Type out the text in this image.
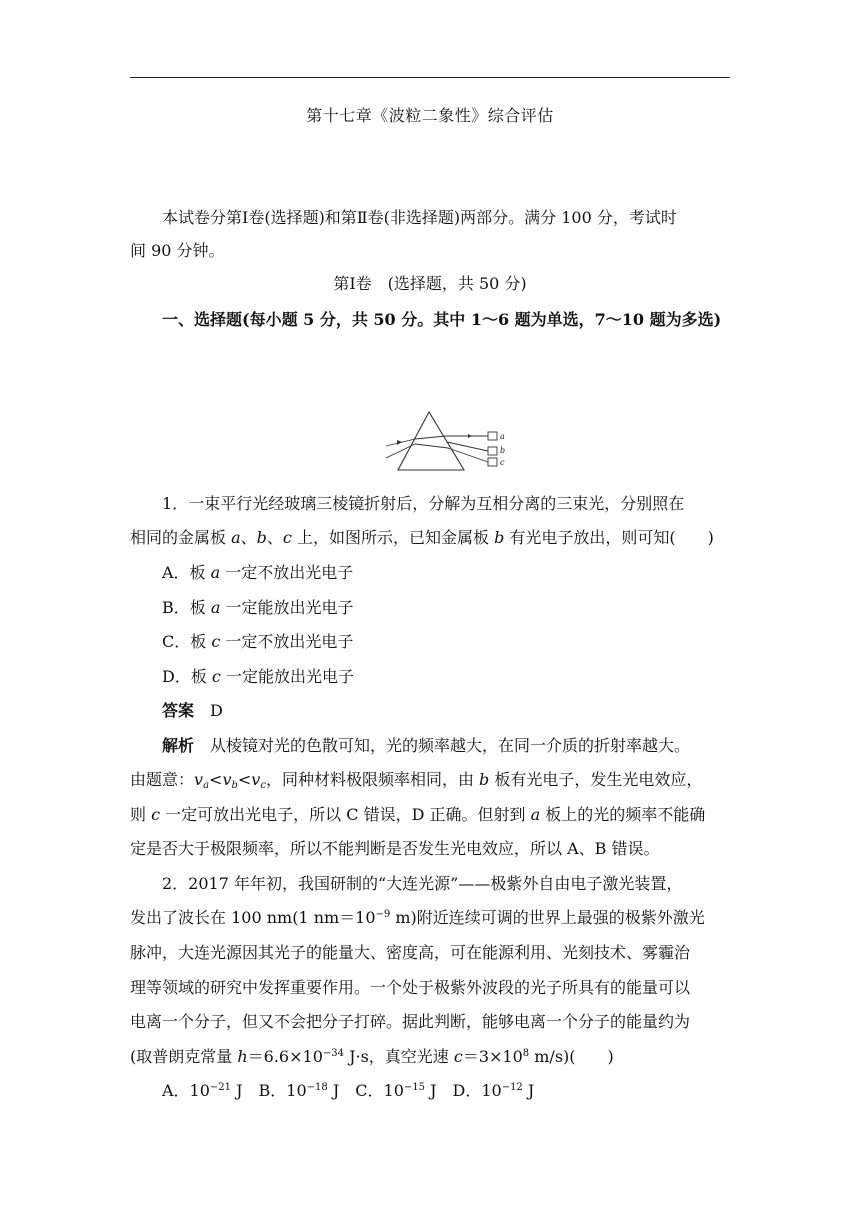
第十七章《波粒二象性》综合评估
本试卷分第Ⅰ卷(选择题)和第Ⅱ卷(非选择题)两部分。满分 100 分，考试时
间 90 分钟。
第Ⅰ卷　(选择题，共 50 分)
一、选择题(每小题 5 分，共 50 分。其中 1～6 题为单选，7～10 题为多选)
a
b
c
1．一束平行光经玻璃三棱镜折射后，分解为互相分离的三束光，分别照在
相同的金属板 a、b、c 上，如图所示，已知金属板 b 有光电子放出，则可知(　　)
A．板 a 一定不放出光电子
B．板 a 一定能放出光电子
C．板 c 一定不放出光电子
D．板 c 一定能放出光电子
答案　 D
解析　 从棱镜对光的色散可知，光的频率越大，在同一介质的折射率越大。
由题意：$v_a<v_b<v_c$，同种材料极限频率相同，由 b 板有光电子，发生光电效应，
则 c 一定可放出光电子，所以 C 错误，D 正确。但射到 a 板上的光的频率不能确
定是否大于极限频率，所以不能判断是否发生光电效应，所以 A、B 错误。
2．2017 年年初，我国研制的“大连光源”——极紫外自由电子激光装置，
发出了波长在 100 nm(1 $nm=10^{-9}$ m)附近连续可调的世界上最强的极紫外激光
脉冲，大连光源因其光子的能量大、密度高，可在能源利用、光刻技术、雾霾治
理等领域的研究中发挥重要作用。一个处于极紫外波段的光子所具有的能量可以
电离一个分子，但又不会把分子打碎。据此判断，能够电离一个分子的能量约为
(取普朗克常量 $h=6.6\times 10^{-34}$ J·s，真空光速 $c=3\times 10^8$ m/s)(　　)
A．$10^{-21}$ J　B．$10^{-18}$ J　C．$10^{-15}$ J　D．$10^{-12}$ J
